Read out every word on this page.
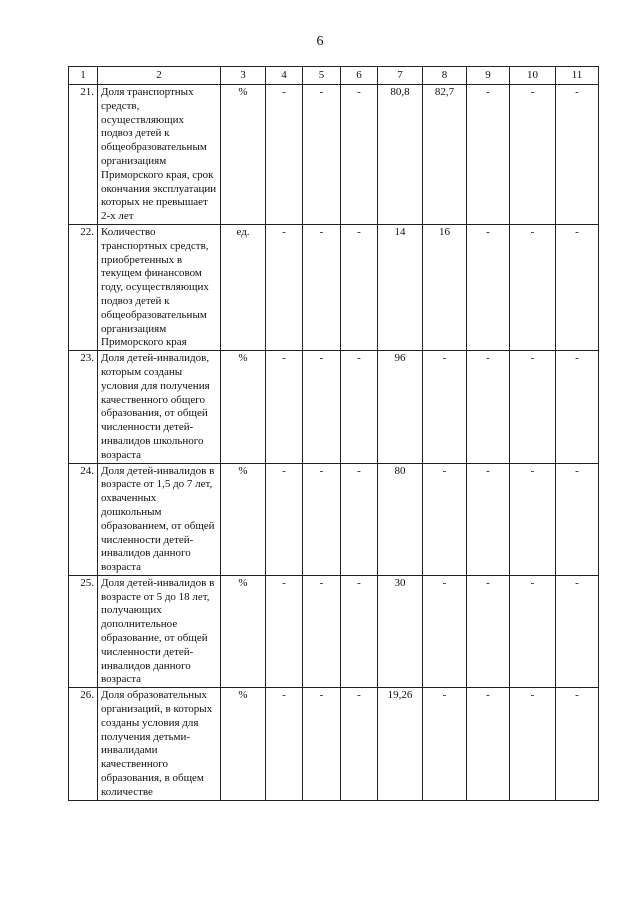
6
1	2	3	4	5	6	7	8	9	10	11
21.	Доля транспортных средств, осуществляющих подвоз детей к общеобразовательным организациям Приморского края, срок окончания эксплуатации которых не превышает 2-х лет	%	-	-	-	80,8	82,7	-	-	-
22.	Количество транспортных средств, приобретенных в текущем финансовом году, осуществляющих подвоз детей к общеобразовательным организациям Приморского края	ед.	-	-	-	14	16	-	-	-
23.	Доля детей-инвалидов, которым созданы условия для получения качественного общего образования, от общей численности детей-инвалидов школьного возраста	%	-	-	-	96	-	-	-	-
24.	Доля детей-инвалидов в возрасте от 1,5 до 7 лет, охваченных дошкольным образованием, от общей численности детей-инвалидов данного возраста	%	-	-	-	80	-	-	-	-
25.	Доля детей-инвалидов в возрасте от 5 до 18 лет, получающих дополнительное образование, от общей численности детей-инвалидов данного возраста	%	-	-	-	30	-	-	-	-
26.	Доля образовательных организаций, в которых созданы условия для получения детьми-инвалидами качественного образования, в общем количестве	%	-	-	-	19,26	-	-	-	-
